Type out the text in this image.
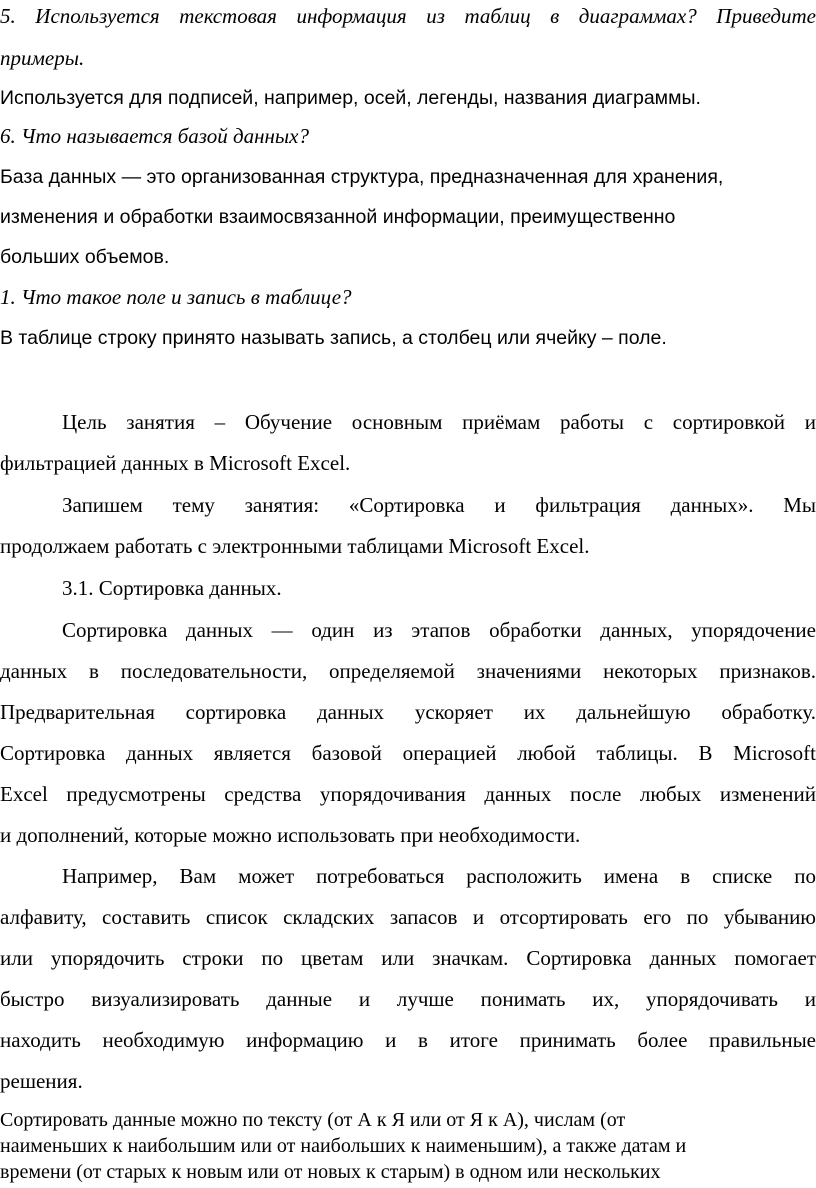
5. Используется текстовая информация из таблиц в диаграммах? Приведите

примеры.

Используется для подписей, например, осей, легенды, названия диаграммы.

6. Что называется базой данных?

База данных — это организованная структура, предназначенная для хранения,

изменения и обработки взаимосвязанной информации, преимущественно

больших объемов.

1. Что такое поле и запись в таблице?

В таблице строку принято называть запись, а столбец или ячейку – поле.

Цель занятия – Обучение основным приёмам работы с сортировкой и

фильтрацией данных в Microsoft Excel.

Запишем тему занятия: «Сортировка и фильтрация данных». Мы

продолжаем работать с электронными таблицами Microsoft Excel.

3.1. Сортировка данных.

Сортировка данных — один из этапов обработки данных, упорядочение

данных в последовательности, определяемой значениями некоторых признаков.

Предварительная сортировка данных ускоряет их дальнейшую обработку.

Сортировка данных является базовой операцией любой таблицы. В Microsoft

Excel предусмотрены средства упорядочивания данных после любых изменений

и дополнений, которые можно использовать при необходимости.

Например, Вам может потребоваться расположить имена в списке по

алфавиту, составить список складских запасов и отсортировать его по убыванию

или упорядочить строки по цветам или значкам. Сортировка данных помогает

быстро визуализировать данные и лучше понимать их, упорядочивать и

находить необходимую информацию и в итоге принимать более правильные

решения.

Сортировать данные можно по тексту (от А к Я или от Я к А), числам (от

наименьших к наибольшим или от наибольших к наименьшим), а также датам и

времени (от старых к новым или от новых к старым) в одном или нескольких
